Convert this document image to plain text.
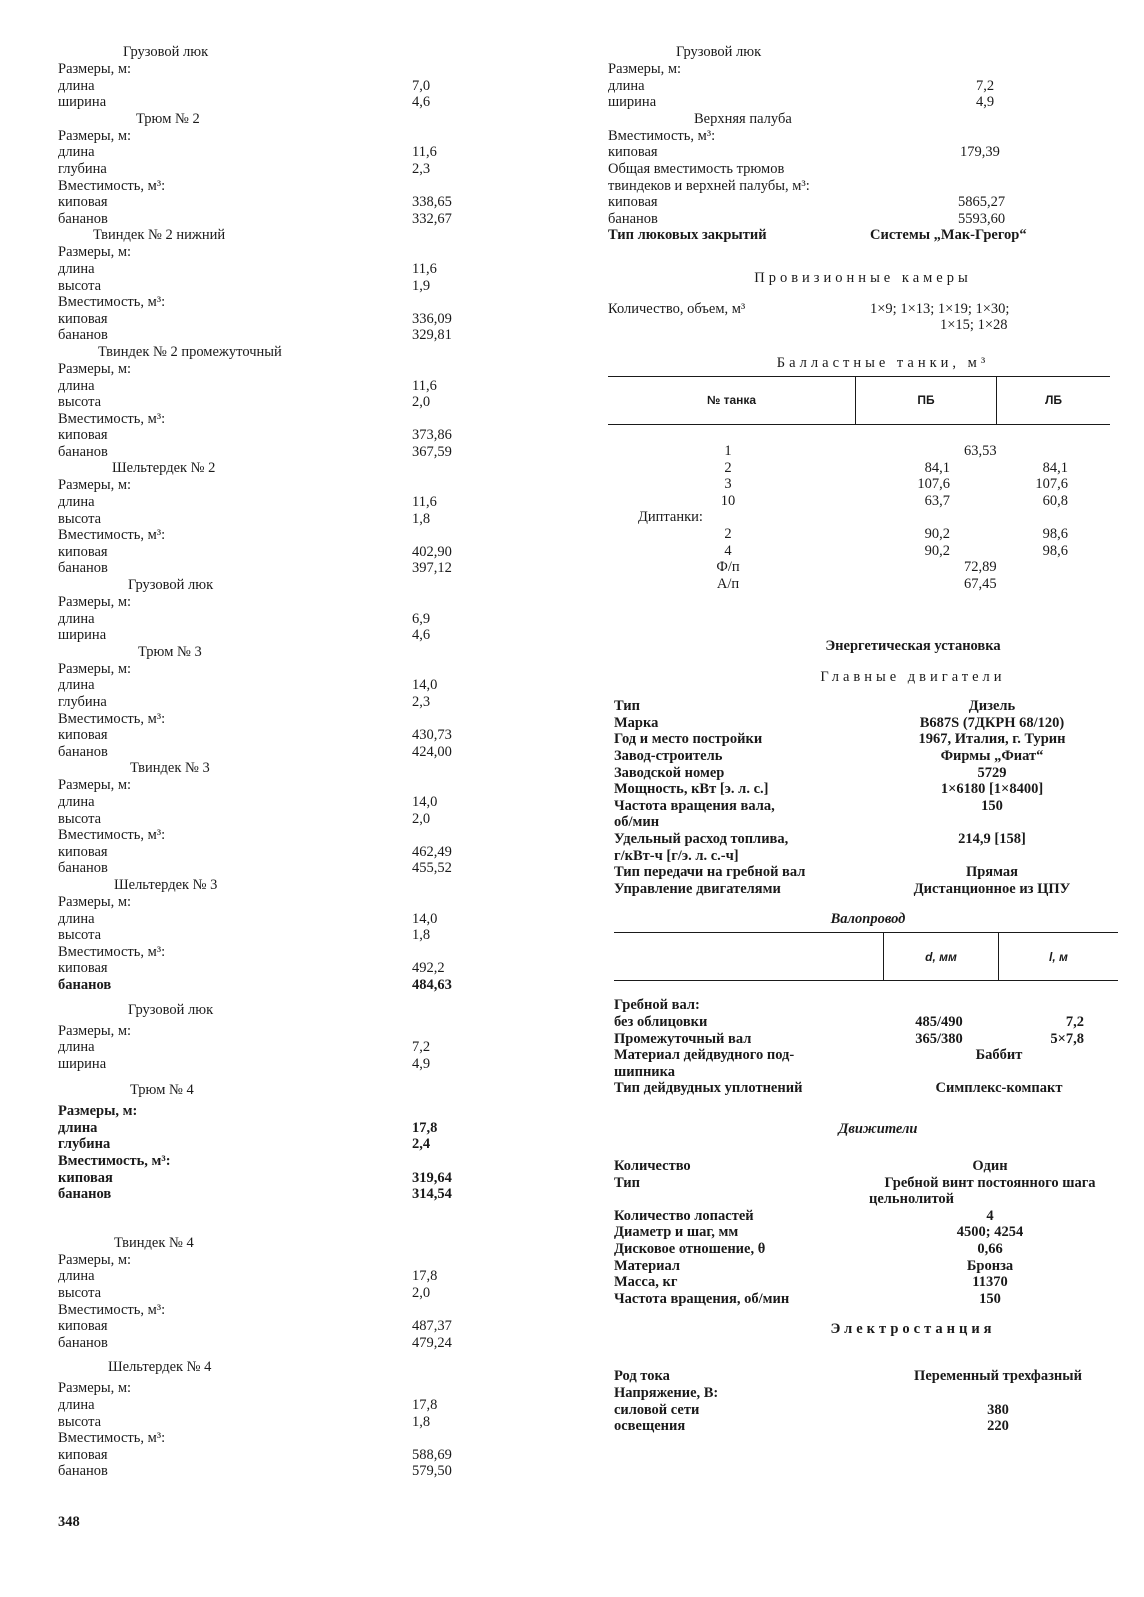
Грузовой люк
Размеры, м:
длина	7,0
ширина	4,6
Трюм № 2
Размеры, м:
длина	11,6
глубина	2,3
Вместимость, м³:
киповая	338,65
бананов	332,67
Твиндек № 2 нижний
Размеры, м:
длина	11,6
высота	1,9
Вместимость, м³:
киповая	336,09
бананов	329,81
Твиндек № 2 промежуточный
Размеры, м:
длина	11,6
высота	2,0
Вместимость, м³:
киповая	373,86
бананов	367,59
Шельтердек № 2
Размеры, м:
длина	11,6
высота	1,8
Вместимость, м³:
киповая	402,90
бананов	397,12
Грузовой люк
Размеры, м:
длина	6,9
ширина	4,6
Трюм № 3
Размеры, м:
длина	14,0
глубина	2,3
Вместимость, м³:
киповая	430,73
бананов	424,00
Твиндек № 3
Размеры, м:
длина	14,0
высота	2,0
Вместимость, м³:
киповая	462,49
бананов	455,52
Шельтердек № 3
Размеры, м:
длина	14,0
высота	1,8
Вместимость, м³:
киповая	492,2
бананов	484,63
Грузовой люк
Размеры, м:
длина	7,2
ширина	4,9
Трюм № 4
Размеры, м:
длина	17,8
глубина	2,4
Вместимость, м³:
киповая	319,64
бананов	314,54
Твиндек № 4
Размеры, м:
длина	17,8
высота	2,0
Вместимость, м³:
киповая	487,37
бананов	479,24
Шельтердек № 4
Размеры, м:
длина	17,8
высота	1,8
Вместимость, м³:
киповая	588,69
бананов	579,50
Грузовой люк
Размеры, м:
длина	7,2
ширина	4,9
Верхняя палуба
Вместимость, м³:
киповая	179,39
Общая вместимость трюмов
твиндеков и верхней палубы, м³:
киповая	5865,27
бананов	5593,60
Тип люковых закрытий	Системы „Мак-Грегор“
Провизионные камеры
Количество, объем, м³	1×9; 1×13; 1×19; 1×30;
1×15; 1×28
Балластные танки, м³
№ танка	ПБ	ЛБ
1	63,53
2	84,1	84,1
3	107,6	107,6
10	63,7	60,8
Диптанки:
2	90,2	98,6
4	90,2	98,6
Ф/п	72,89
А/п	67,45
Энергетическая установка
Главные двигатели
Тип	Дизель
Марка	B687S (7ДКРН 68/120)
Год и место постройки	1967, Италия, г. Турин
Завод-строитель	Фирмы „Фиат“
Заводской номер	5729
Мощность, кВт [э. л. с.]	1×6180 [1×8400]
Частота вращения вала,	150
об/мин
Удельный расход топлива,	214,9 [158]
г/кВт-ч [г/э. л. с.-ч]
Тип передачи на гребной вал	Прямая
Управление двигателями	Дистанционное из ЦПУ
Валопровод
	d, мм	l, м
Гребной вал:
без облицовки	485/490	7,2
Промежуточный вал	365/380	5×7,8
Материал дейдвудного под-	Баббит
шипника
Тип дейдвудных уплотнений	Симплекс-компакт
Движители
Количество	Один
Тип	Гребной винт постоянного шага
цельнолитой
Количество лопастей	4
Диаметр и шаг, мм	4500; 4254
Дисковое отношение, θ	0,66
Материал	Бронза
Масса, кг	11370
Частота вращения, об/мин	150
Электростанция
Род тока	Переменный трехфазный
Напряжение, В:
силовой сети	380
освещения	220
348
